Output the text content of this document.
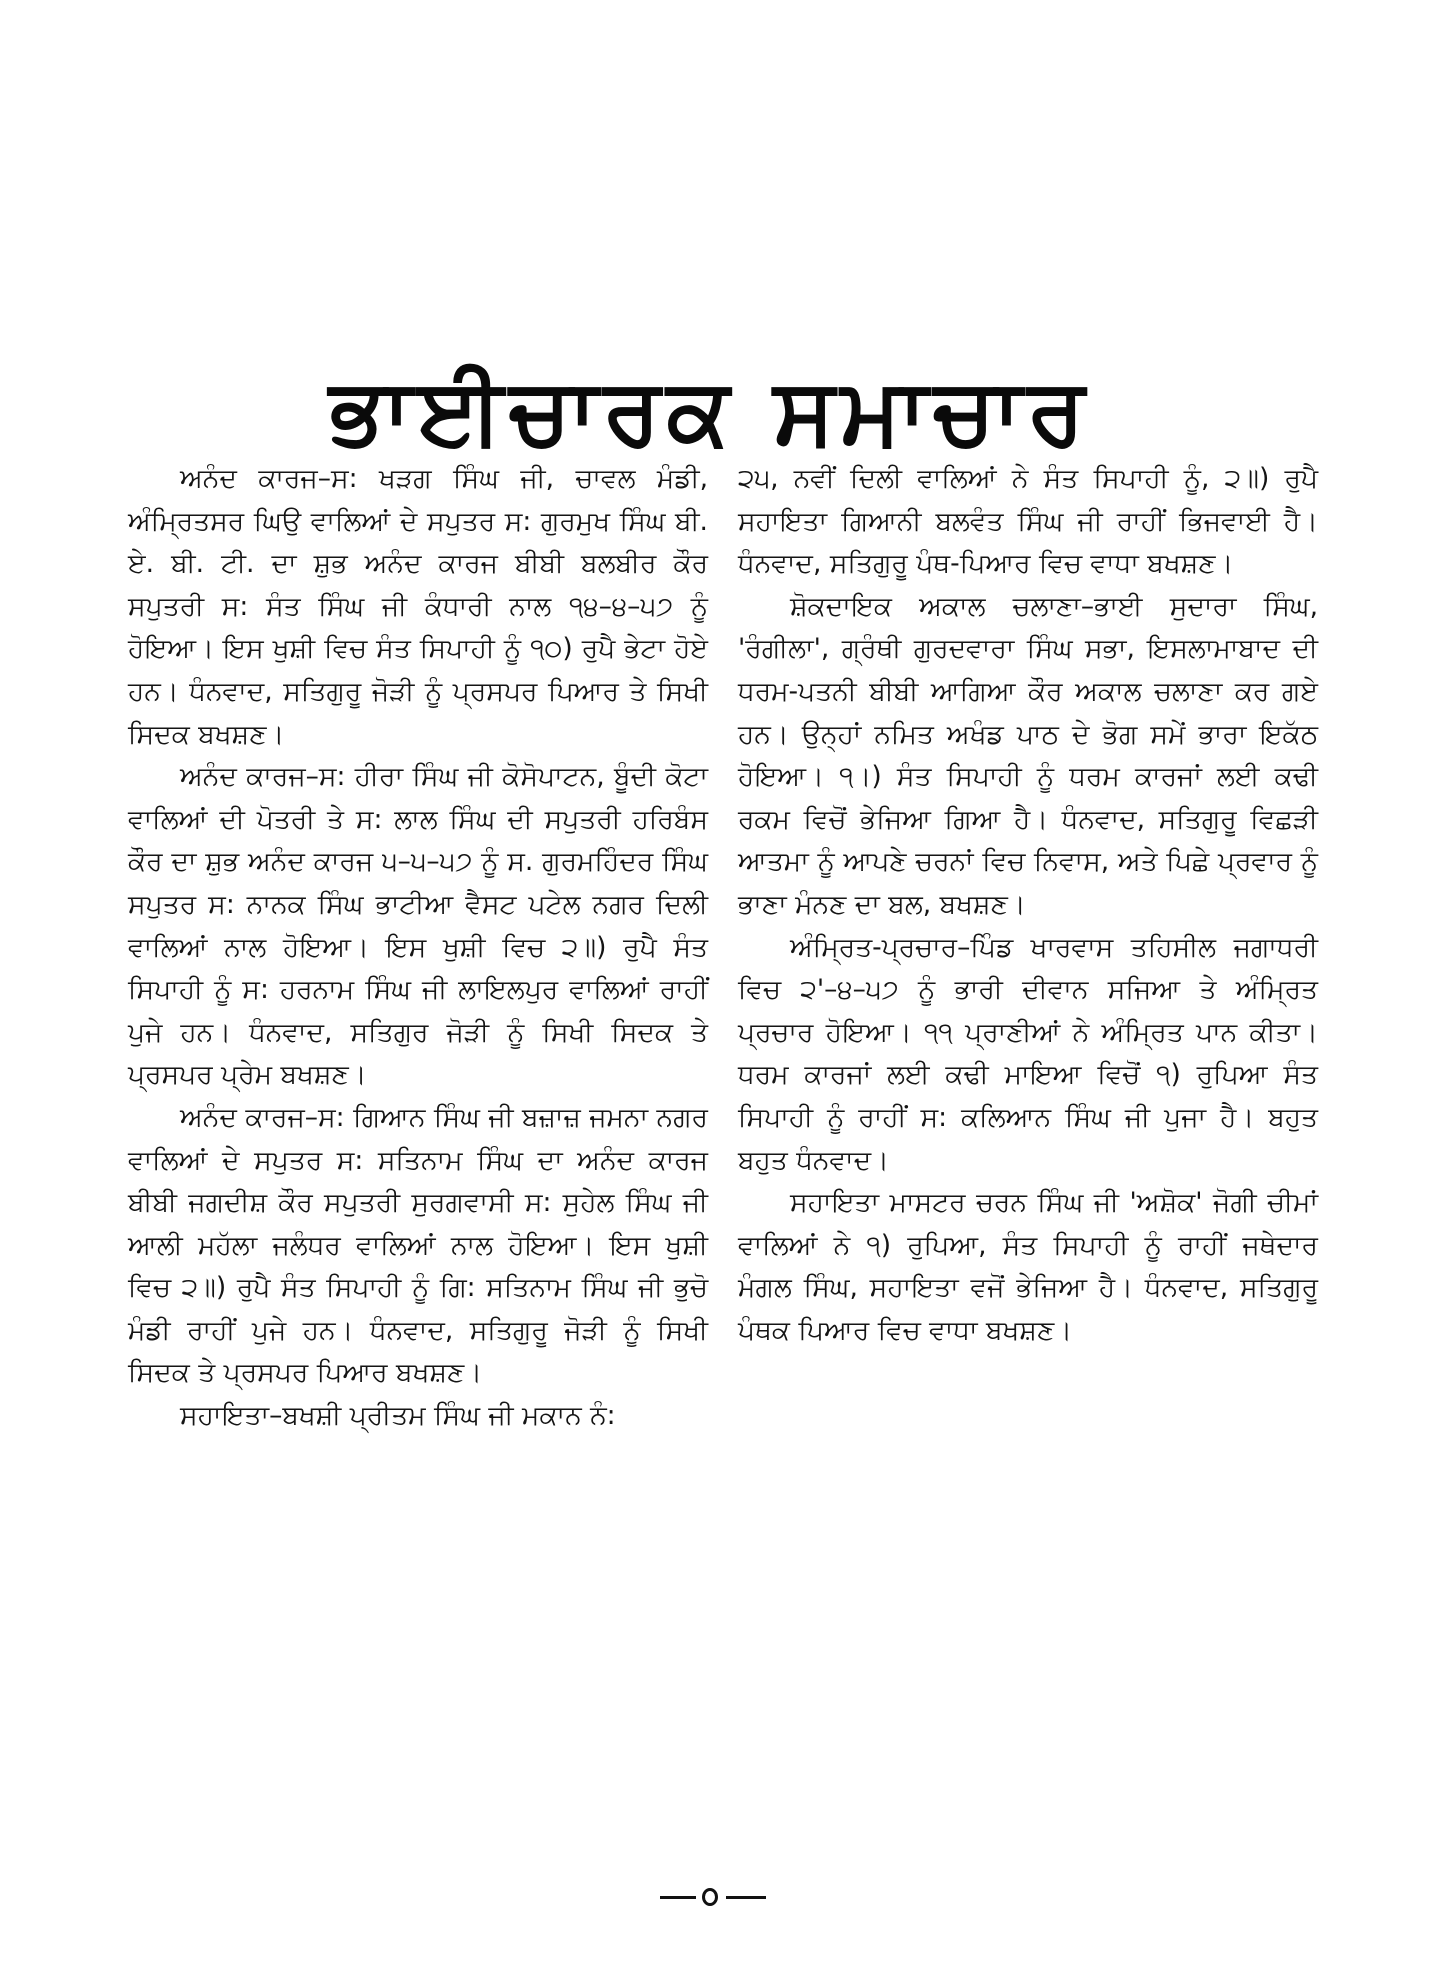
ਭਾਈਚਾਰਕ ਸਮਾਚਾਰ

ਅਨੰਦ ਕਾਰਜ–ਸ: ਖੜਗ ਸਿੰਘ ਜੀ, ਚਾਵਲ ਮੰਡੀ, ਅੰਮ੍ਰਿਤਸਰ ਘਿਉ ਵਾਲਿਆਂ ਦੇ ਸਪੁਤਰ ਸ: ਗੁਰਮੁਖ ਸਿੰਘ ਬੀ. ਏ. ਬੀ. ਟੀ. ਦਾ ਸ਼ੁਭ ਅਨੰਦ ਕਾਰਜ ਬੀਬੀ ਬਲਬੀਰ ਕੌਰ ਸਪੁਤਰੀ ਸ: ਸੰਤ ਸਿੰਘ ਜੀ ਕੰਧਾਰੀ ਨਾਲ ੧੪–੪–੫੭ ਨੂੰ ਹੋਇਆ। ਇਸ ਖੁਸ਼ੀ ਵਿਚ ਸੰਤ ਸਿਪਾਹੀ ਨੂੰ ੧੦) ਰੁਪੈ ਭੇਟਾ ਹੋਏ ਹਨ। ਧੰਨਵਾਦ, ਸਤਿਗੁਰੂ ਜੋੜੀ ਨੂੰ ਪ੍ਰਸਪਰ ਪਿਆਰ ਤੇ ਸਿਖੀ ਸਿਦਕ ਬਖਸ਼ਣ।

ਅਨੰਦ ਕਾਰਜ–ਸ: ਹੀਰਾ ਸਿੰਘ ਜੀ ਕੋਸੋਪਾਟਨ, ਬੂੰਦੀ ਕੋਟਾ ਵਾਲਿਆਂ ਦੀ ਪੋਤਰੀ ਤੇ ਸ: ਲਾਲ ਸਿੰਘ ਦੀ ਸਪੁਤਰੀ ਹਰਿਬੰਸ ਕੌਰ ਦਾ ਸ਼ੁਭ ਅਨੰਦ ਕਾਰਜ ੫–੫–੫੭ ਨੂੰ ਸ. ਗੁਰਮਹਿੰਦਰ ਸਿੰਘ ਸਪੁਤਰ ਸ: ਨਾਨਕ ਸਿੰਘ ਭਾਟੀਆ ਵੈਸਟ ਪਟੇਲ ਨਗਰ ਦਿਲੀ ਵਾਲਿਆਂ ਨਾਲ ਹੋਇਆ। ਇਸ ਖੁਸ਼ੀ ਵਿਚ ੨॥) ਰੁਪੈ ਸੰਤ ਸਿਪਾਹੀ ਨੂੰ ਸ: ਹਰਨਾਮ ਸਿੰਘ ਜੀ ਲਾਇਲਪੁਰ ਵਾਲਿਆਂ ਰਾਹੀਂ ਪੁਜੇ ਹਨ। ਧੰਨਵਾਦ, ਸਤਿਗੁਰ ਜੋੜੀ ਨੂੰ ਸਿਖੀ ਸਿਦਕ ਤੇ ਪ੍ਰਸਪਰ ਪ੍ਰੇਮ ਬਖਸ਼ਣ।

ਅਨੰਦ ਕਾਰਜ–ਸ: ਗਿਆਨ ਸਿੰਘ ਜੀ ਬਜ਼ਾਜ਼ ਜਮਨਾ ਨਗਰ ਵਾਲਿਆਂ ਦੇ ਸਪੁਤਰ ਸ: ਸਤਿਨਾਮ ਸਿੰਘ ਦਾ ਅਨੰਦ ਕਾਰਜ ਬੀਬੀ ਜਗਦੀਸ਼ ਕੌਰ ਸਪੁਤਰੀ ਸੁਰਗਵਾਸੀ ਸ: ਸੁਹੇਲ ਸਿੰਘ ਜੀ ਆਲੀ ਮਹੱਲਾ ਜਲੰਧਰ ਵਾਲਿਆਂ ਨਾਲ ਹੋਇਆ। ਇਸ ਖੁਸ਼ੀ ਵਿਚ ੨॥) ਰੁਪੈ ਸੰਤ ਸਿਪਾਹੀ ਨੂੰ ਗਿ: ਸਤਿਨਾਮ ਸਿੰਘ ਜੀ ਭੁਚੋ ਮੰਡੀ ਰਾਹੀਂ ਪੁਜੇ ਹਨ। ਧੰਨਵਾਦ, ਸਤਿਗੁਰੂ ਜੋੜੀ ਨੂੰ ਸਿਖੀ ਸਿਦਕ ਤੇ ਪ੍ਰਸਪਰ ਪਿਆਰ ਬਖਸ਼ਣ।

ਸਹਾਇਤਾ–ਬਖਸ਼ੀ ਪ੍ਰੀਤਮ ਸਿੰਘ ਜੀ ਮਕਾਨ ਨੰ:

੨੫, ਨਵੀਂ ਦਿਲੀ ਵਾਲਿਆਂ ਨੇ ਸੰਤ ਸਿਪਾਹੀ ਨੂੰ, ੨॥) ਰੁਪੈ ਸਹਾਇਤਾ ਗਿਆਨੀ ਬਲਵੰਤ ਸਿੰਘ ਜੀ ਰਾਹੀਂ ਭਿਜਵਾਈ ਹੈ। ਧੰਨਵਾਦ, ਸਤਿਗੁਰੂ ਪੰਥ-ਪਿਆਰ ਵਿਚ ਵਾਧਾ ਬਖਸ਼ਣ।

ਸ਼ੋਕਦਾਇਕ ਅਕਾਲ ਚਲਾਣਾ–ਭਾਈ ਸੁਦਾਰਾ ਸਿੰਘ, 'ਰੰਗੀਲਾ', ਗ੍ਰੰਥੀ ਗੁਰਦਵਾਰਾ ਸਿੰਘ ਸਭਾ, ਇਸਲਾਮਾਬਾਦ ਦੀ ਧਰਮ-ਪਤਨੀ ਬੀਬੀ ਆਗਿਆ ਕੌਰ ਅਕਾਲ ਚਲਾਣਾ ਕਰ ਗਏ ਹਨ। ਉਨ੍ਹਾਂ ਨਮਿਤ ਅਖੰਡ ਪਾਠ ਦੇ ਭੋਗ ਸਮੇਂ ਭਾਰਾ ਇਕੱਠ ਹੋਇਆ। ੧।) ਸੰਤ ਸਿਪਾਹੀ ਨੂੰ ਧਰਮ ਕਾਰਜਾਂ ਲਈ ਕਢੀ ਰਕਮ ਵਿਚੋਂ ਭੇਜਿਆ ਗਿਆ ਹੈ। ਧੰਨਵਾਦ, ਸਤਿਗੁਰੂ ਵਿਛੜੀ ਆਤਮਾ ਨੂੰ ਆਪਣੇ ਚਰਨਾਂ ਵਿਚ ਨਿਵਾਸ, ਅਤੇ ਪਿਛੇ ਪ੍ਰਵਾਰ ਨੂੰ ਭਾਣਾ ਮੰਨਣ ਦਾ ਬਲ, ਬਖਸ਼ਣ।

ਅੰਮ੍ਰਿਤ-ਪ੍ਰਚਾਰ–ਪਿੰਡ ਖਾਰਵਾਸ ਤਹਿਸੀਲ ਜਗਾਧਰੀ ਵਿਚ ੨'–੪–੫੭ ਨੂੰ ਭਾਰੀ ਦੀਵਾਨ ਸਜਿਆ ਤੇ ਅੰਮ੍ਰਿਤ ਪ੍ਰਚਾਰ ਹੋਇਆ। ੧੧ ਪ੍ਰਾਣੀਆਂ ਨੇ ਅੰਮ੍ਰਿਤ ਪਾਨ ਕੀਤਾ। ਧਰਮ ਕਾਰਜਾਂ ਲਈ ਕਢੀ ਮਾਇਆ ਵਿਚੋਂ ੧) ਰੁਪਿਆ ਸੰਤ ਸਿਪਾਹੀ ਨੂੰ ਰਾਹੀਂ ਸ: ਕਲਿਆਨ ਸਿੰਘ ਜੀ ਪੁਜਾ ਹੈ। ਬਹੁਤ ਬਹੁਤ ਧੰਨਵਾਦ।

ਸਹਾਇਤਾ ਮਾਸਟਰ ਚਰਨ ਸਿੰਘ ਜੀ 'ਅਸ਼ੋਕ' ਜੋਗੀ ਚੀਮਾਂ ਵਾਲਿਆਂ ਨੇ ੧) ਰੁਪਿਆ, ਸੰਤ ਸਿਪਾਹੀ ਨੂੰ ਰਾਹੀਂ ਜਥੇਦਾਰ ਮੰਗਲ ਸਿੰਘ, ਸਹਾਇਤਾ ਵਜੋਂ ਭੇਜਿਆ ਹੈ। ਧੰਨਵਾਦ, ਸਤਿਗੁਰੂ ਪੰਥਕ ਪਿਆਰ ਵਿਚ ਵਾਧਾ ਬਖਸ਼ਣ।
